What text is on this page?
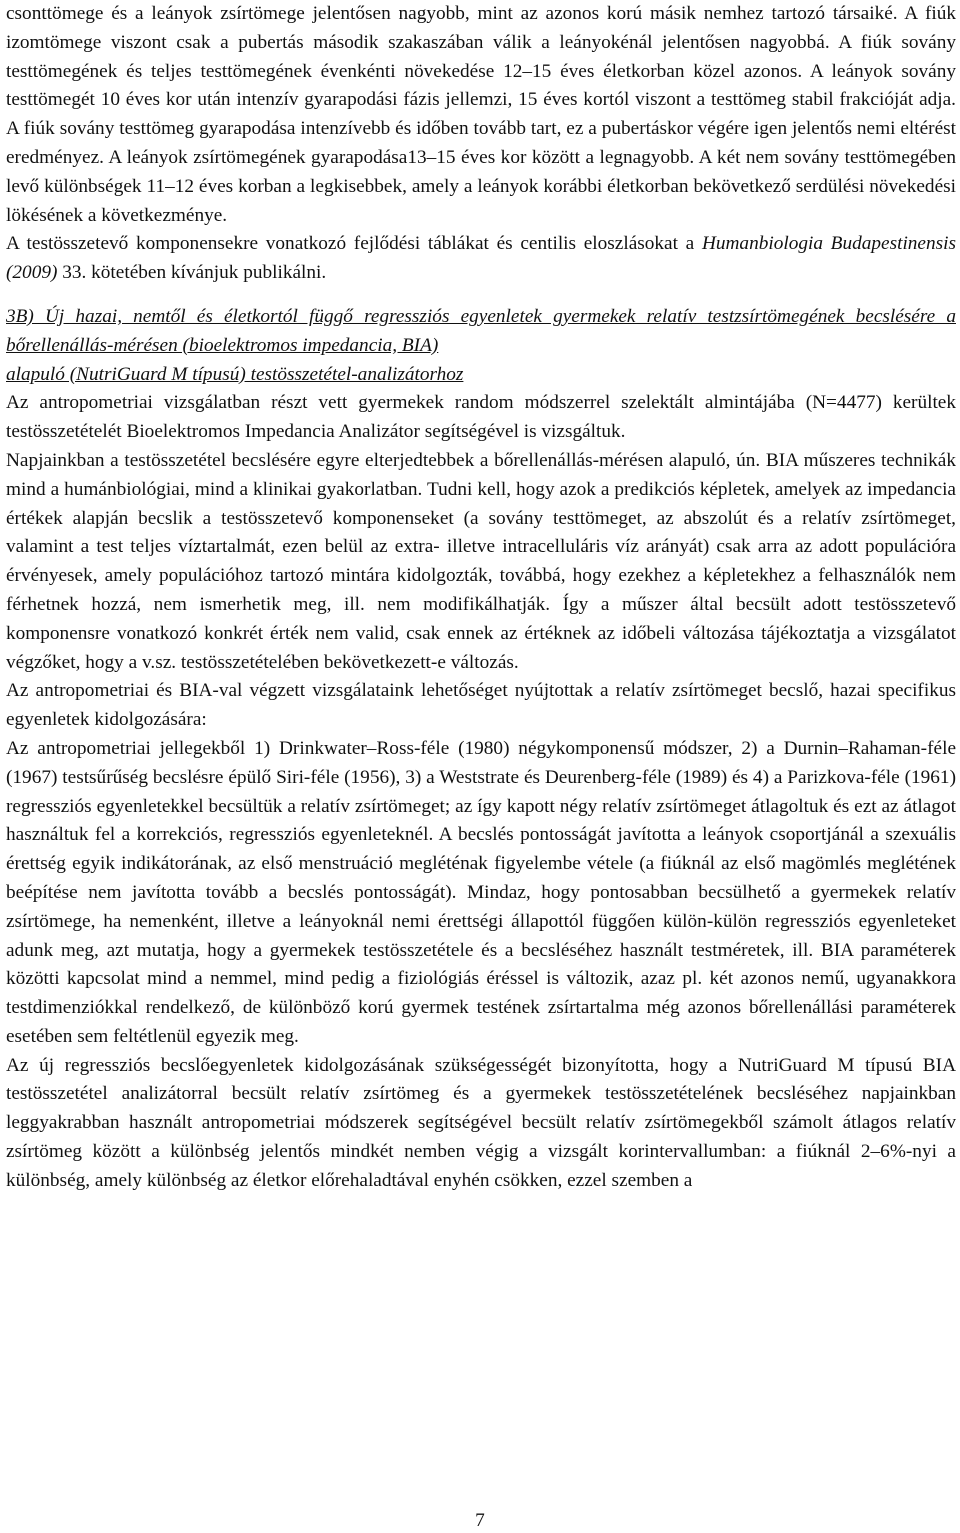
csonttömege és a leányok zsírtömege jelentősen nagyobb, mint az azonos korú másik nemhez tartozó társaiké. A fiúk izomtömege viszont csak a pubertás második szakaszában válik a leányokénál jelentősen nagyobbá. A fiúk sovány testtömegének és teljes testtömegének évenkénti növekedése 12–15 éves életkorban közel azonos. A leányok sovány testtömegét 10 éves kor után intenzív gyarapodási fázis jellemzi, 15 éves kortól viszont a testtömeg stabil frakcióját adja. A fiúk sovány testtömeg gyarapodása intenzívebb és időben tovább tart, ez a pubertáskor végére igen jelentős nemi eltérést eredményez. A leányok zsírtömegének gyarapodása13–15 éves kor között a legnagyobb. A két nem sovány testtömegében levő különbségek 11–12 éves korban a legkisebbek, amely a leányok korábbi életkorban bekövetkező serdülési növekedési lökésének a következménye.

A testösszetevő komponensekre vonatkozó fejlődési táblákat és centilis eloszlásokat a Humanbiologia Budapestinensis (2009) 33. kötetében kívánjuk publikálni.

3B) Új hazai, nemtől és életkortól függő regressziós egyenletek gyermekek relatív testzsírtömegének becslésére a bőrellenállás-mérésen (bioelektromos impedancia, BIA)
alapuló (NutriGuard M típusú) testösszetétel-analizátorhoz

Az antropometriai vizsgálatban részt vett gyermekek random módszerrel szelektált almintájába (N=4477) kerültek testösszetételét Bioelektromos Impedancia Analizátor segítségével is vizsgáltuk.

Napjainkban a testösszetétel becslésére egyre elterjedtebbek a bőrellenállás-mérésen alapuló, ún. BIA műszeres technikák mind a humánbiológiai, mind a klinikai gyakorlatban. Tudni kell, hogy azok a predikciós képletek, amelyek az impedancia értékek alapján becslik a testösszetevő komponenseket (a sovány testtömeget, az abszolút és a relatív zsírtömeget, valamint a test teljes víztartalmát, ezen belül az extra- illetve intracelluláris víz arányát) csak arra az adott populációra érvényesek, amely populációhoz tartozó mintára kidolgozták, továbbá, hogy ezekhez a képletekhez a felhasználók nem férhetnek hozzá, nem ismerhetik meg, ill. nem modifikálhatják. Így a műszer által becsült adott testösszetevő komponensre vonatkozó konkrét érték nem valid, csak ennek az értéknek az időbeli változása tájékoztatja a vizsgálatot végzőket, hogy a v.sz. testösszetételében bekövetkezett-e változás.

Az antropometriai és BIA-val végzett vizsgálataink lehetőséget nyújtottak a relatív zsírtömeget becslő, hazai specifikus egyenletek kidolgozására:

Az antropometriai jellegekből 1) Drinkwater–Ross-féle (1980) négykomponensű módszer, 2) a Durnin–Rahaman-féle (1967) testsűrűség becslésre épülő Siri-féle (1956), 3) a Weststrate és Deurenberg-féle (1989) és 4) a Parizkova-féle (1961) regressziós egyenletekkel becsültük a relatív zsírtömeget; az így kapott négy relatív zsírtömeget átlagoltuk és ezt az átlagot használtuk fel a korrekciós, regressziós egyenleteknél. A becslés pontosságát javította a leányok csoportjánál a szexuális érettség egyik indikátorának, az első menstruáció megléténak figyelembe vétele (a fiúknál az első magömlés meglétének beépítése nem javította tovább a becslés pontosságát). Mindaz, hogy pontosabban becsülhető a gyermekek relatív zsírtömege, ha nemenként, illetve a leányoknál nemi érettségi állapottól függően külön-külön regressziós egyenleteket adunk meg, azt mutatja, hogy a gyermekek testösszetétele és a becsléséhez használt testméretek, ill. BIA paraméterek közötti kapcsolat mind a nemmel, mind pedig a fiziológiás éréssel is változik, azaz pl. két azonos nemű, ugyanakkora testdimenziókkal rendelkező, de különböző korú gyermek testének zsírtartalma még azonos bőrellenállási paraméterek esetében sem feltétlenül egyezik meg.

Az új regressziós becslőegyenletek kidolgozásának szükségességét bizonyította, hogy a NutriGuard M típusú BIA testösszetétel analizátorral becsült relatív zsírtömeg és a gyermekek testösszetételének becsléséhez napjainkban leggyakrabban használt antropometriai módszerek segítségével becsült relatív zsírtömegekből számolt átlagos relatív zsírtömeg között a különbség jelentős mindkét nemben végig a vizsgált korintervallumban: a fiúknál 2–6%-nyi a különbség, amely különbség az életkor előrehaladtával enyhén csökken, ezzel szemben a

7
